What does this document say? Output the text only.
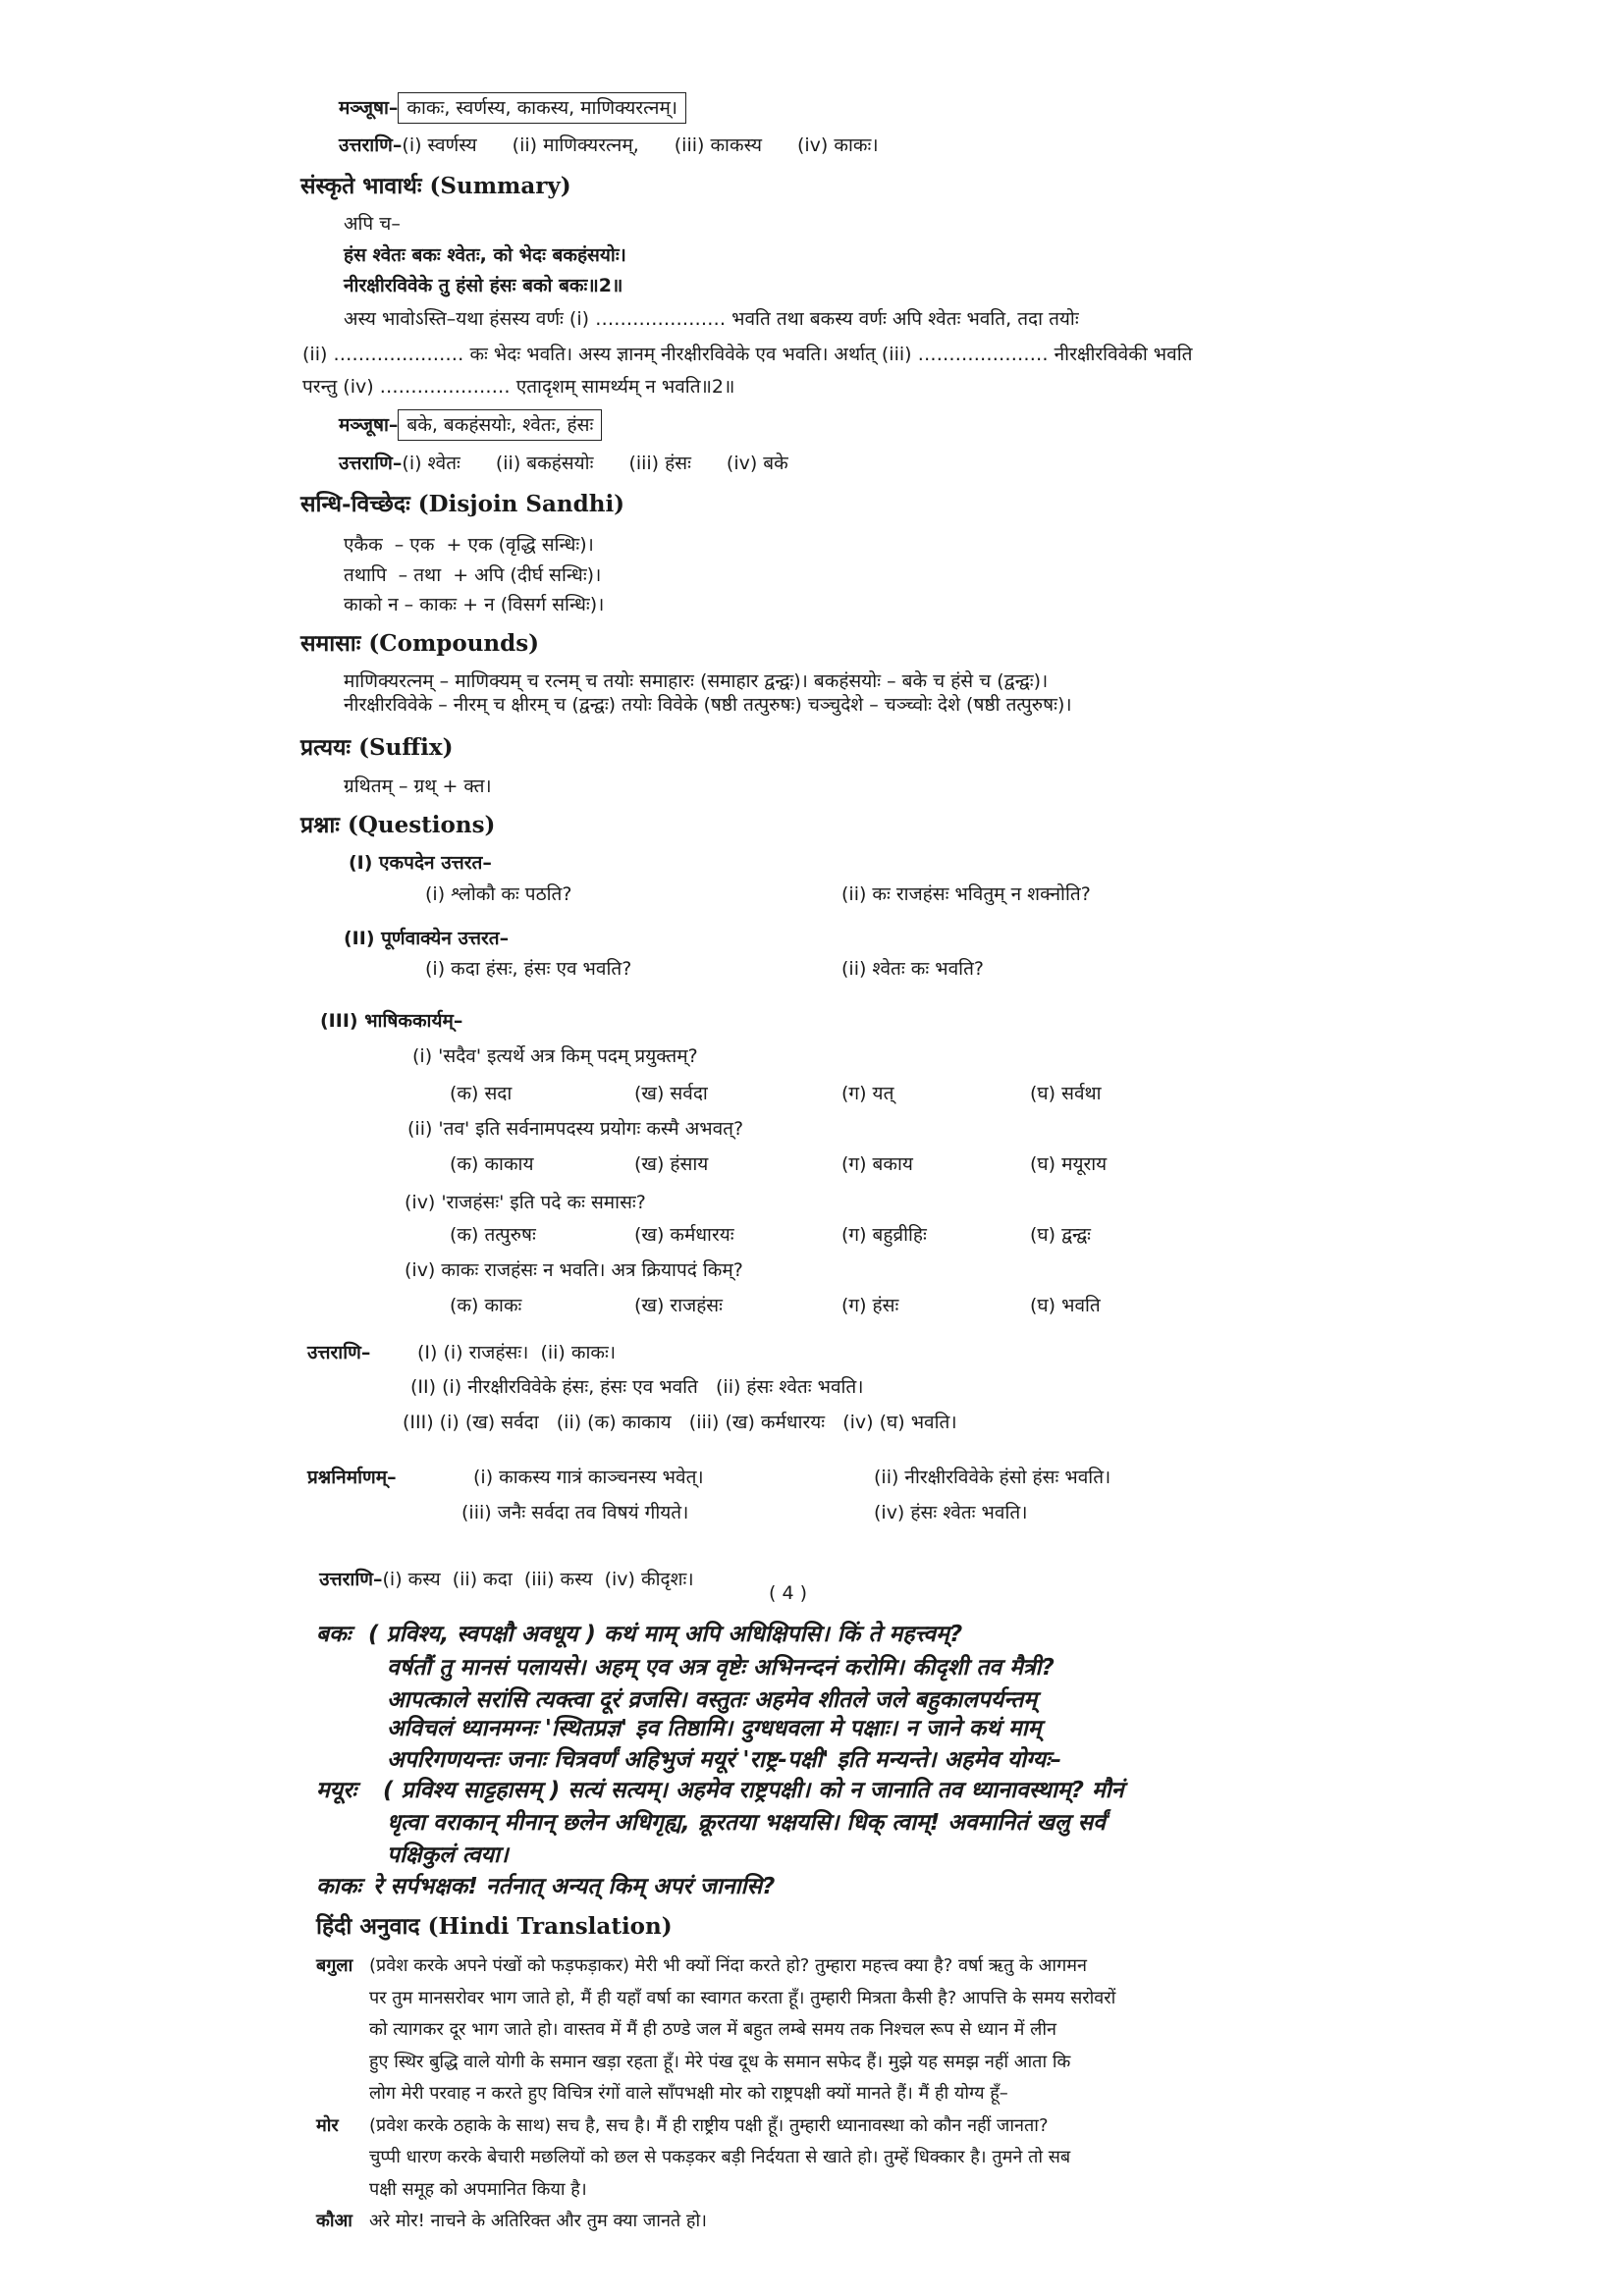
मञ्जूषा– काकः, स्वर्णस्य, काकस्य, माणिक्यरत्नम्।
उत्तराणि–(i) स्वर्णस्य (ii) माणिक्यरत्नम्, (iii) काकस्य (iv) काकः।
संस्कृते भावार्थः (Summary)
अपि च–
हंस श्वेतः बकः श्वेतः, को भेदः बकहंसयोः।
नीरक्षीरविवेके तु हंसो हंसः बको बकः॥2॥
अस्य भावोऽस्ति–यथा हंसस्य वर्णः (i) ………………… भवति तथा बकस्य वर्णः अपि श्वेतः भवति, तदा तयोः
(ii) ………………… कः भेदः भवति। अस्य ज्ञानम् नीरक्षीरविवेके एव भवति। अर्थात् (iii) ………………… नीरक्षीरविवेकी भवति
परन्तु (iv) ………………… एतादृशम् सामर्थ्यम् न भवति॥2॥
मञ्जूषा– बके, बकहंसयोः, श्वेतः, हंसः
उत्तराणि–(i) श्वेतः (ii) बकहंसयोः (iii) हंसः (iv) बके
सन्धि-विच्छेदः (Disjoin Sandhi)
एकैक  – एक  + एक (वृद्धि सन्धिः)।
तथापि  – तथा  + अपि (दीर्घ सन्धिः)।
काको न – काकः + न (विसर्ग सन्धिः)।
समासाः (Compounds)
माणिक्यरत्नम् – माणिक्यम् च रत्नम् च तयोः समाहारः (समाहार द्वन्द्वः)। बकहंसयोः – बके च हंसे च (द्वन्द्वः)।
नीरक्षीरविवेके – नीरम् च क्षीरम् च (द्वन्द्वः) तयोः विवेके (षष्ठी तत्पुरुषः) चञ्चुदेशे – चञ्च्वोः देशे (षष्ठी तत्पुरुषः)।
प्रत्ययः (Suffix)
ग्रथितम् – ग्रथ् + क्त।
प्रश्नाः (Questions)
(I) एकपदेन उत्तरत–
(i) श्लोकौ कः पठति?	(ii) कः राजहंसः भवितुम् न शक्नोति?
(II) पूर्णवाक्येन उत्तरत–
(i) कदा हंसः, हंसः एव भवति?	(ii) श्वेतः कः भवति?
(III) भाषिककार्यम्–
(i) 'सदैव' इत्यर्थे अत्र किम् पदम् प्रयुक्तम्?
(क) सदा	(ख) सर्वदा	(ग) यत्	(घ) सर्वथा
(ii) 'तव' इति सर्वनामपदस्य प्रयोगः कस्मै अभवत्?
(क) काकाय	(ख) हंसाय	(ग) बकाय	(घ) मयूराय
(iv) 'राजहंसः' इति पदे कः समासः?
(क) तत्पुरुषः	(ख) कर्मधारयः	(ग) बहुव्रीहिः	(घ) द्वन्द्वः
(iv) काकः राजहंसः न भवति। अत्र क्रियापदं किम्?
(क) काकः	(ख) राजहंसः	(ग) हंसः	(घ) भवति
उत्तराणि–	(I) (i) राजहंसः।  (ii) काकः।
(II) (i) नीरक्षीरविवेके हंसः, हंसः एव भवति   (ii) हंसः श्वेतः भवति।
(III) (i) (ख) सर्वदा   (ii) (क) काकाय   (iii) (ख) कर्मधारयः   (iv) (घ) भवति।
प्रश्ननिर्माणम्–	(i) काकस्य गात्रं काञ्चनस्य भवेत्।	(ii) नीरक्षीरविवेके हंसो हंसः भवति।
(iii) जनैः सर्वदा तव विषयं गीयते।	(iv) हंसः श्वेतः भवति।

उत्तराणि–(i) कस्य  (ii) कदा  (iii) कस्य  (iv) कीदृशः।

( 4 )
बकः ( प्रविश्य, स्वपक्षौ अवधूय ) कथं माम् अपि अधिक्षिपसि। किं ते महत्त्वम्?
वर्षतौं तु मानसं पलायसे। अहम् एव अत्र वृष्टेः अभिनन्दनं करोमि। कीदृशी तव मैत्री?
आपत्काले सरांसि त्यक्त्वा दूरं व्रजसि। वस्तुतः अहमेव शीतले जले बहुकालपर्यन्तम्
अविचलं ध्यानमग्नः 'स्थितप्रज्ञ' इव तिष्ठामि। दुग्धधवला मे पक्षाः। न जाने कथं माम्
अपरिगणयन्तः जनाः चित्रवर्णं अहिभुजं मयूरं 'राष्ट्र-पक्षी' इति मन्यन्ते। अहमेव योग्यः–
मयूरः ( प्रविश्य साट्टहासम् ) सत्यं सत्यम्। अहमेव राष्ट्रपक्षी। को न जानाति तव ध्यानावस्थाम्? मौनं
धृत्वा वराकान् मीनान् छलेन अधिगृह्य, क्रूरतया भक्षयसि। धिक् त्वाम्! अवमानितं खलु सर्वं
पक्षिकुलं त्वया।
काकः रे सर्पभक्षक! नर्तनात् अन्यत् किम् अपरं जानासि?
हिंदी अनुवाद (Hindi Translation)
बगुला (प्रवेश करके अपने पंखों को फड़फड़ाकर) मेरी भी क्यों निंदा करते हो? तुम्हारा महत्त्व क्या है? वर्षा ऋतु के आगमन
पर तुम मानसरोवर भाग जाते हो, मैं ही यहाँ वर्षा का स्वागत करता हूँ। तुम्हारी मित्रता कैसी है? आपत्ति के समय सरोवरों
को त्यागकर दूर भाग जाते हो। वास्तव में मैं ही ठण्डे जल में बहुत लम्बे समय तक निश्चल रूप से ध्यान में लीन
हुए स्थिर बुद्धि वाले योगी के समान खड़ा रहता हूँ। मेरे पंख दूध के समान सफेद हैं। मुझे यह समझ नहीं आता कि
लोग मेरी परवाह न करते हुए विचित्र रंगों वाले साँपभक्षी मोर को राष्ट्रपक्षी क्यों मानते हैं। मैं ही योग्य हूँ–
मोर (प्रवेश करके ठहाके के साथ) सच है, सच है। मैं ही राष्ट्रीय पक्षी हूँ। तुम्हारी ध्यानावस्था को कौन नहीं जानता?
चुप्पी धारण करके बेचारी मछलियों को छल से पकड़कर बड़ी निर्दयता से खाते हो। तुम्हें धिक्कार है। तुमने तो सब
पक्षी समूह को अपमानित किया है।
कौआ अरे मोर! नाचने के अतिरिक्त और तुम क्या जानते हो।
